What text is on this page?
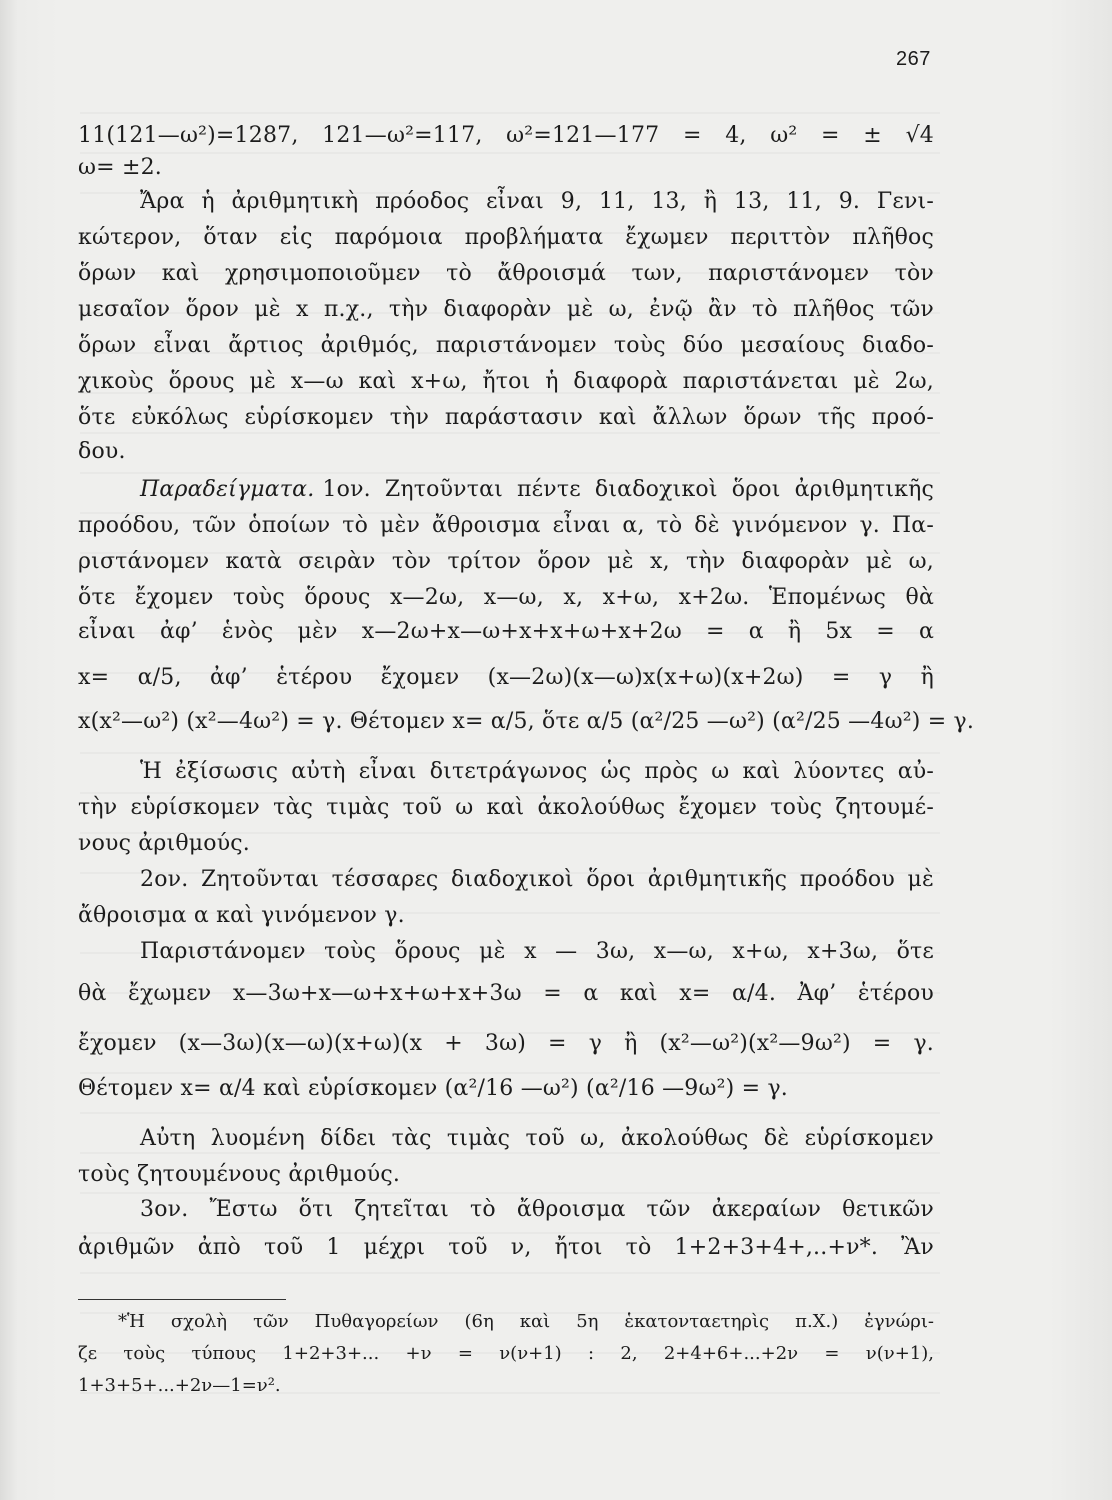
267
11(121—ω²)=1287, 121—ω²=117, ω²=121—177 = 4, ω² = ± √4
ω= ±2.
Ἄρα ἡ ἀριθμητικὴ πρόοδος εἶναι 9, 11, 13, ἢ 13, 11, 9. Γενι-
κώτερον, ὅταν εἰς παρόμοια προβλήματα ἔχωμεν περιττὸν πλῆθος
ὅρων καὶ χρησιμοποιοῦμεν τὸ ἄθροισμά των, παριστάνομεν τὸν
μεσαῖον ὅρον μὲ x π.χ., τὴν διαφορὰν μὲ ω, ἐνῷ ἂν τὸ πλῆθος τῶν
ὅρων εἶναι ἄρτιος ἀριθμός, παριστάνομεν τοὺς δύο μεσαίους διαδο-
χικοὺς ὅρους μὲ x—ω καὶ x+ω, ἤτοι ἡ διαφορὰ παριστάνεται μὲ 2ω,
ὅτε εὐκόλως εὑρίσκομεν τὴν παράστασιν καὶ ἄλλων ὅρων τῆς προό-
δου.
Παραδείγματα. 1ον. Ζητοῦνται πέντε διαδοχικοὶ ὅροι ἀριθμητικῆς
προόδου, τῶν ὁποίων τὸ μὲν ἄθροισμα εἶναι α, τὸ δὲ γινόμενον γ. Πα-
ριστάνομεν κατὰ σειρὰν τὸν τρίτον ὅρον μὲ x, τὴν διαφορὰν μὲ ω,
ὅτε ἔχομεν τοὺς ὅρους x—2ω, x—ω, x, x+ω, x+2ω. Ἑπομένως θὰ
εἶναι ἀφ’ ἑνὸς μὲν x—2ω+x—ω+x+x+ω+x+2ω = α ἢ 5x = α
x= α/5, ἀφ’ ἑτέρου ἔχομεν (x—2ω)(x—ω)x(x+ω)(x+2ω) = γ ἢ
x(x²—ω²) (x²—4ω²) = γ. Θέτομεν x= α/5, ὅτε α/5 (α²/25 —ω²) (α²/25 —4ω²) = γ.
Ἡ ἐξίσωσις αὐτὴ εἶναι διτετράγωνος ὡς πρὸς ω καὶ λύοντες αὐ-
τὴν εὑρίσκομεν τὰς τιμὰς τοῦ ω καὶ ἀκολούθως ἔχομεν τοὺς ζητουμέ-
νους ἀριθμούς.
2ον. Ζητοῦνται τέσσαρες διαδοχικοὶ ὅροι ἀριθμητικῆς προόδου μὲ
ἄθροισμα α καὶ γινόμενον γ.
Παριστάνομεν τοὺς ὅρους μὲ x — 3ω, x—ω, x+ω, x+3ω, ὅτε
θὰ ἔχωμεν x—3ω+x—ω+x+ω+x+3ω = α καὶ x= α/4. Ἀφ’ ἑτέρου
ἔχομεν (x—3ω)(x—ω)(x+ω)(x + 3ω) = γ ἢ (x²—ω²)(x²—9ω²) = γ.
Θέτομεν x= α/4 καὶ εὑρίσκομεν (α²/16 —ω²) (α²/16 —9ω²) = γ.
Αὐτη λυομένη δίδει τὰς τιμὰς τοῦ ω, ἀκολούθως δὲ εὑρίσκομεν
τοὺς ζητουμένους ἀριθμούς.
3ον. Ἔστω ὅτι ζητεῖται τὸ ἄθροισμα τῶν ἀκεραίων θετικῶν
ἀριθμῶν ἀπὸ τοῦ 1 μέχρι τοῦ ν, ἤτοι τὸ 1+2+3+4+,..+ν*. Ἂν
*Ἡ σχολὴ τῶν Πυθαγορείων (6η καὶ 5η ἑκατονταετηρὶς π.Χ.) ἐγνώρι-
ζε τοὺς τύπους 1+2+3+... +ν = ν(ν+1) : 2, 2+4+6+...+2ν = ν(ν+1),
1+3+5+...+2ν—1=ν².
